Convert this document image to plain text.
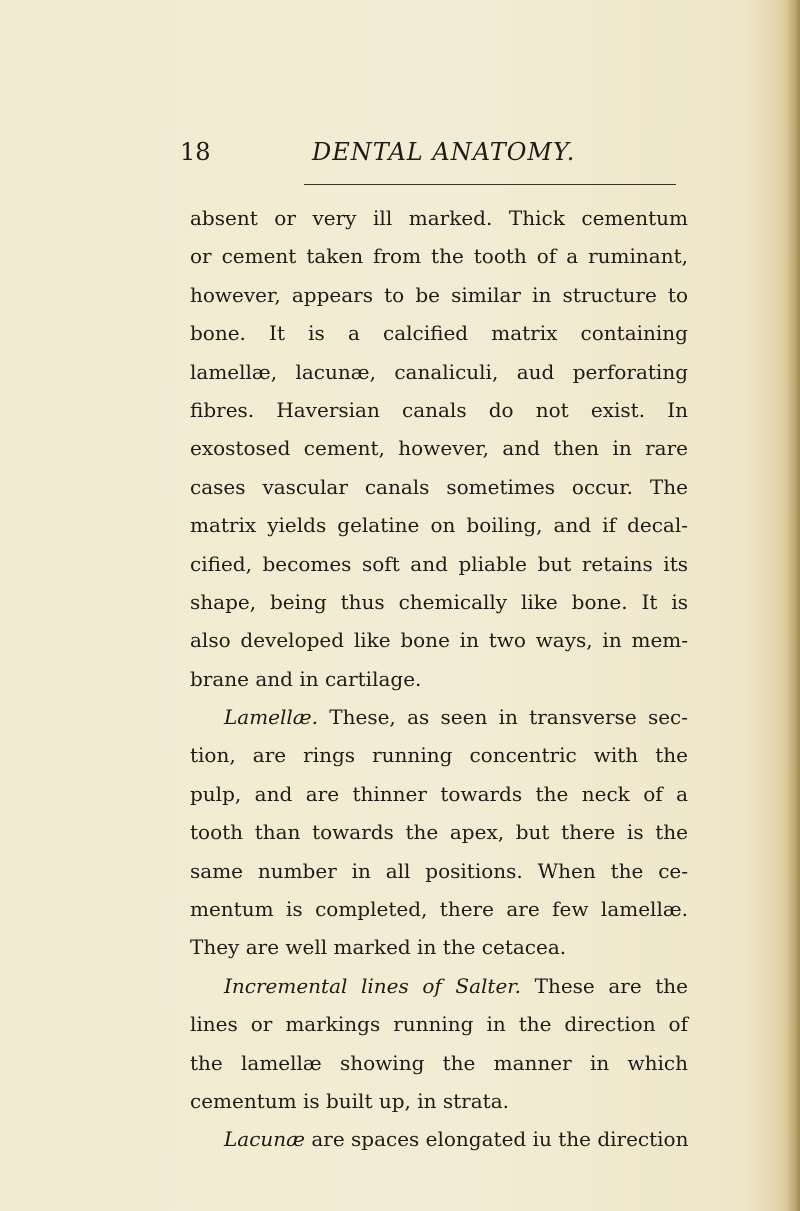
18	DENTAL ANATOMY.
absent or very ill marked. Thick cementum
or cement taken from the tooth of a ruminant,
however, appears to be similar in structure to
bone. It is a calcified matrix containing
lamellæ, lacunæ, canaliculi, aud perforating
fibres. Haversian canals do not exist. In
exostosed cement, however, and then in rare
cases vascular canals sometimes occur. The
matrix yields gelatine on boiling, and if decal-
cified, becomes soft and pliable but retains its
shape, being thus chemically like bone. It is
also developed like bone in two ways, in mem-
brane and in cartilage.
Lamellæ. These, as seen in transverse sec-
tion, are rings running concentric with the
pulp, and are thinner towards the neck of a
tooth than towards the apex, but there is the
same number in all positions. When the ce-
mentum is completed, there are few lamellæ.
They are well marked in the cetacea.
Incremental lines of Salter. These are the
lines or markings running in the direction of
the lamellæ showing the manner in which
cementum is built up, in strata.
Lacunæ are spaces elongated iu the direction
